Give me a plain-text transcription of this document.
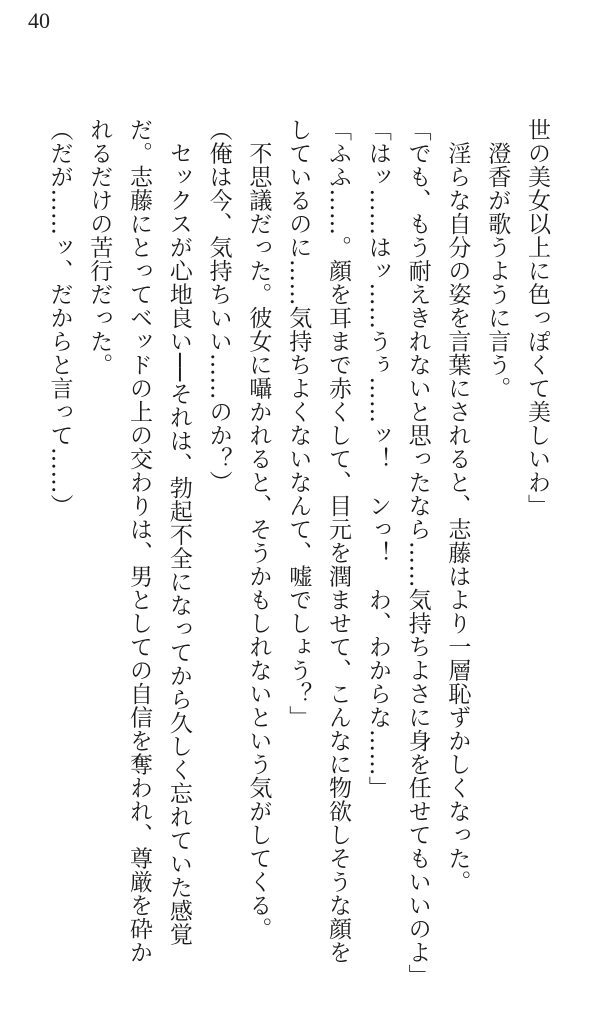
40

世の美女以上に色っぽくて美しいわ」

　澄香が歌うように言う。

　淫らな自分の姿を言葉にされると、志藤はより一層恥ずかしくなった。

「でも、もう耐えきれないと思ったなら……気持ちよさに身を任せてもいいのよ」

「はッ……はッ……うぅ……ッ！　ンっ！　わ、わからな……」

「ふふ……。顔を耳まで赤くして、目元を潤ませて、こんなに物欲しそうな顔を

しているのに……気持ちよくないなんて、嘘でしょう？」

　不思議だった。彼女に囁かれると、そうかもしれないという気がしてくる。

（俺は今、気持ちいい……のか？）

　セックスが心地良い──それは、勃起不全になってから久しく忘れていた感覚

だ。志藤にとってベッドの上の交わりは、男としての自信を奪われ、尊厳を砕か

れるだけの苦行だった。

（だが……ッ、だからと言って……）
